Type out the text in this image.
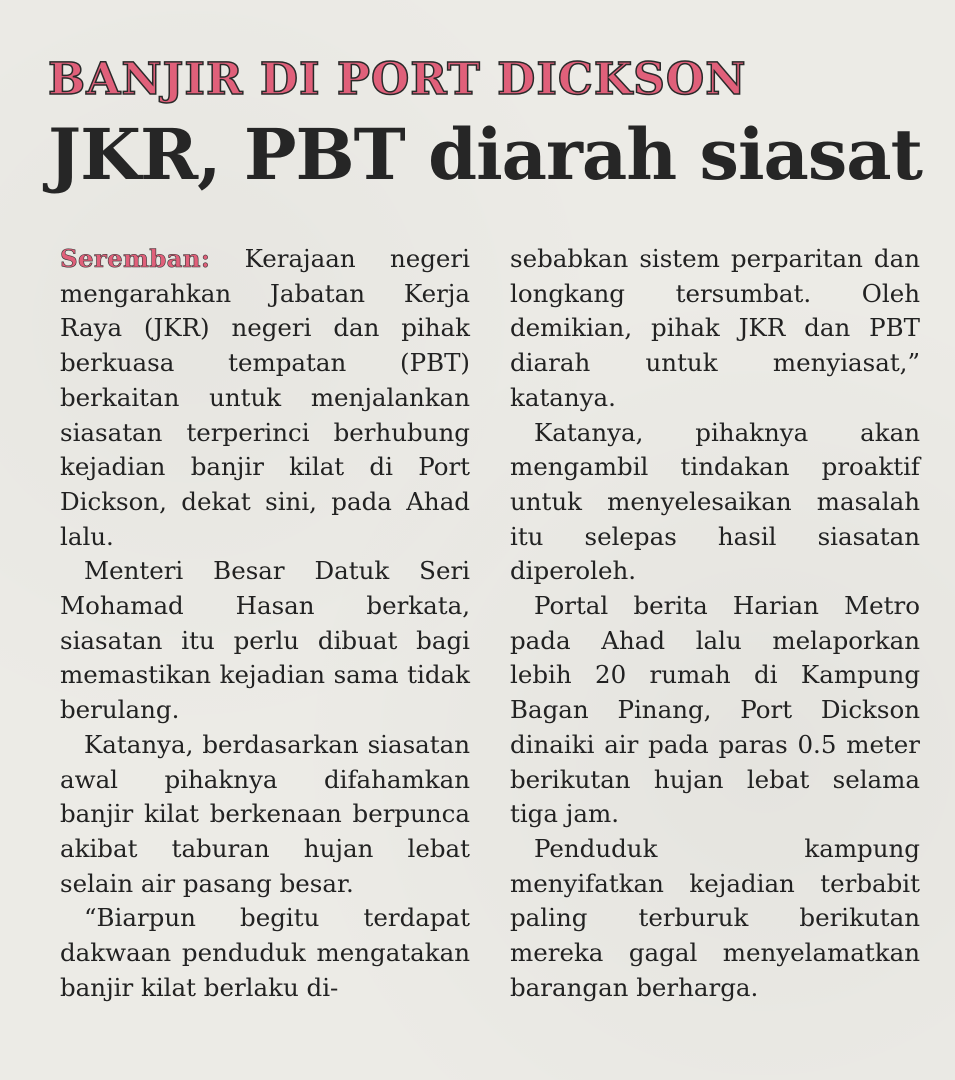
BANJIR DI PORT DICKSON
JKR, PBT diarah siasat

Seremban: Kerajaan negeri mengarahkan Jabatan Kerja Raya (JKR) negeri dan pihak berkuasa tempatan (PBT) berkaitan untuk menjalankan siasatan terperinci berhubung kejadian banjir kilat di Port Dickson, dekat sini, pada Ahad lalu.

Menteri Besar Datuk Seri Mohamad Hasan berkata, siasatan itu perlu dibuat bagi memastikan kejadian sama tidak berulang.

Katanya, berdasarkan siasatan awal pihaknya difahamkan banjir kilat berkenaan berpunca akibat taburan hujan lebat selain air pasang besar.

“Biarpun begitu terdapat dakwaan penduduk mengatakan banjir kilat berlaku di-

sebabkan sistem perparitan dan longkang tersumbat. Oleh demikian, pihak JKR dan PBT diarah untuk menyiasat,” katanya.

Katanya, pihaknya akan mengambil tindakan proaktif untuk menyelesaikan masalah itu selepas hasil siasatan diperoleh.

Portal berita Harian Metro pada Ahad lalu melaporkan lebih 20 rumah di Kampung Bagan Pinang, Port Dickson dinaiki air pada paras 0.5 meter berikutan hujan lebat selama tiga jam.

Penduduk kampung menyifatkan kejadian terbabit paling terburuk berikutan mereka gagal menyelamatkan barangan berharga.
